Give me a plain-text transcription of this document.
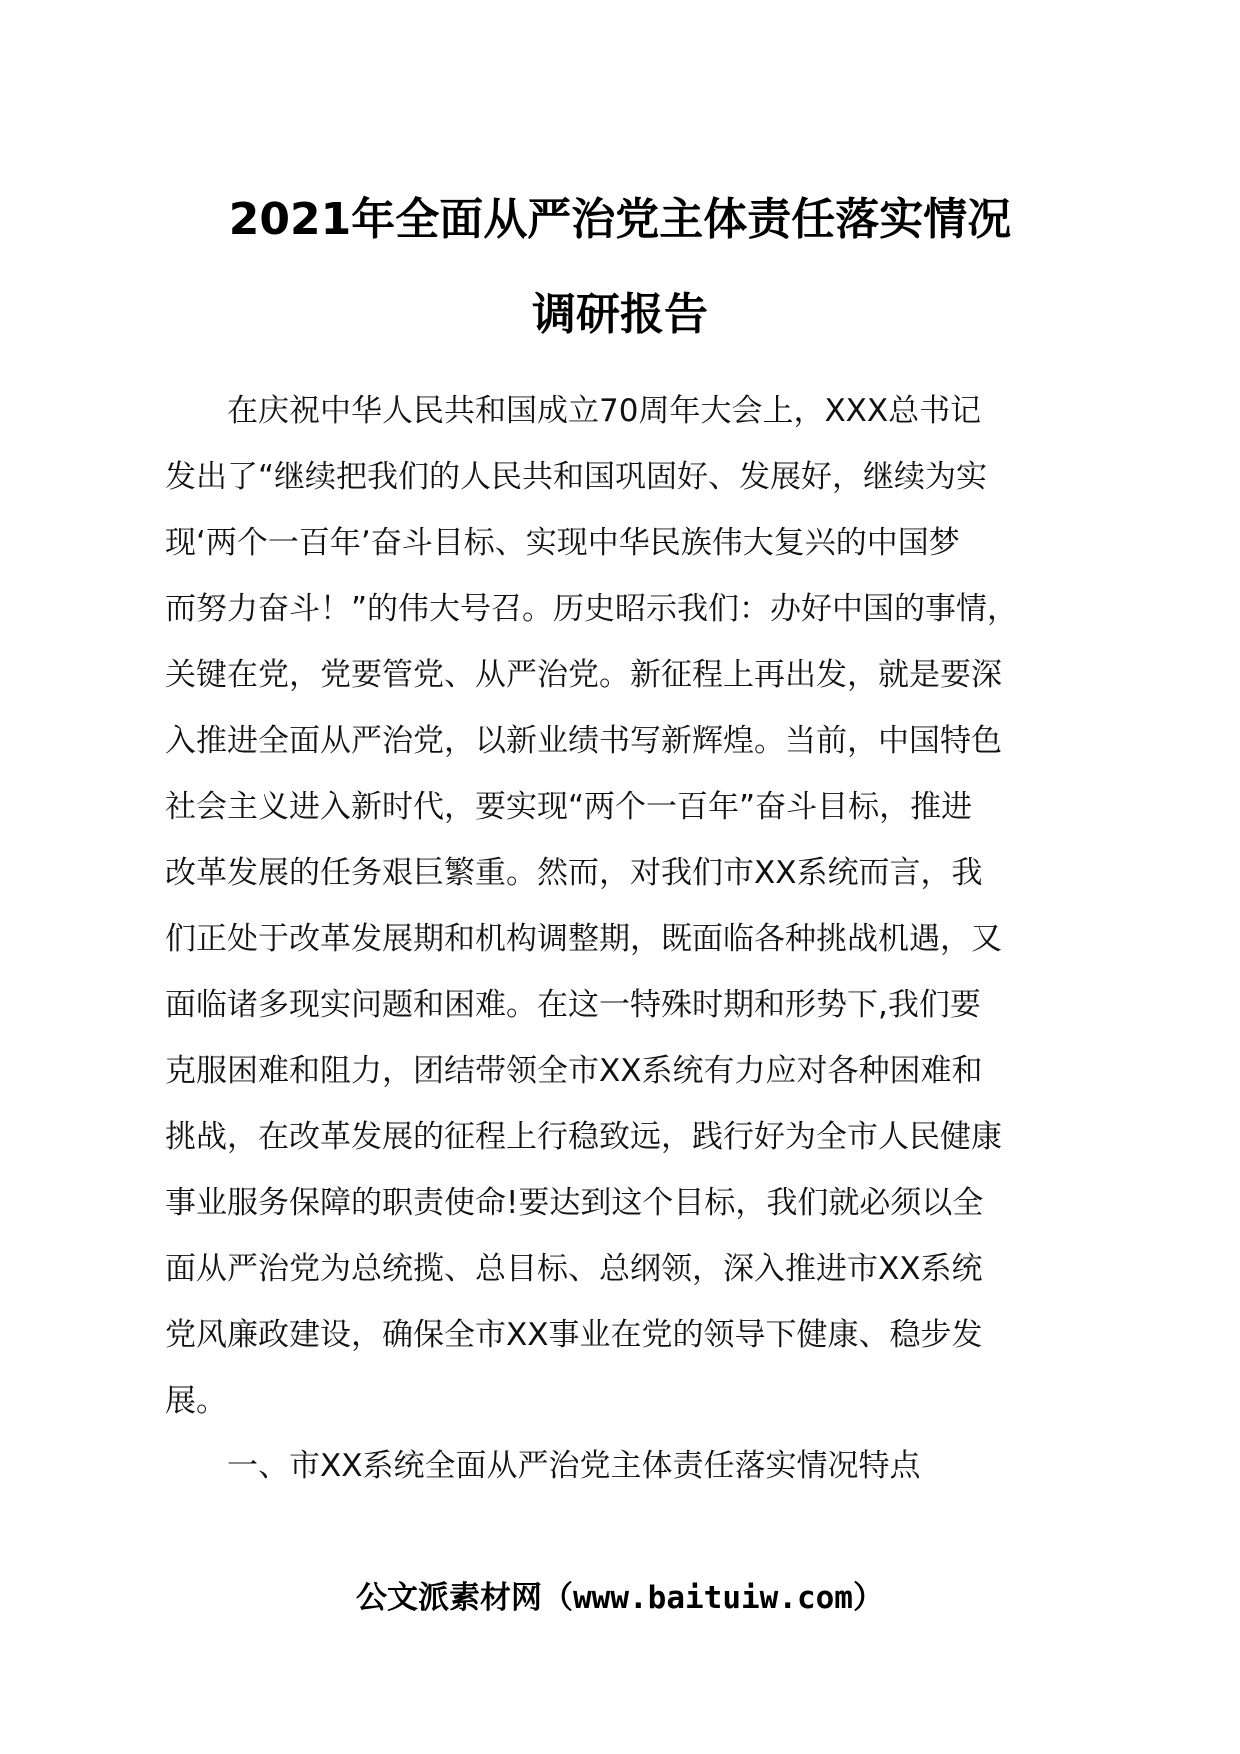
2021年全面从严治党主体责任落实情况
调研报告
在庆祝中华人民共和国成立70周年大会上，XXX总书记
发出了“继续把我们的人民共和国巩固好、发展好，继续为实
现‘两个一百年’奋斗目标、实现中华民族伟大复兴的中国梦
而努力奋斗！”的伟大号召。历史昭示我们：办好中国的事情，
关键在党，党要管党、从严治党。新征程上再出发，就是要深
入推进全面从严治党，以新业绩书写新辉煌。当前，中国特色
社会主义进入新时代，要实现“两个一百年”奋斗目标，推进
改革发展的任务艰巨繁重。然而，对我们市XX系统而言，我
们正处于改革发展期和机构调整期，既面临各种挑战机遇，又
面临诸多现实问题和困难。在这一特殊时期和形势下,我们要
克服困难和阻力，团结带领全市XX系统有力应对各种困难和
挑战，在改革发展的征程上行稳致远，践行好为全市人民健康
事业服务保障的职责使命!要达到这个目标，我们就必须以全
面从严治党为总统揽、总目标、总纲领，深入推进市XX系统
党风廉政建设，确保全市XX事业在党的领导下健康、稳步发
展。
一、市XX系统全面从严治党主体责任落实情况特点
公文派素材网（www.baituiw.com）
